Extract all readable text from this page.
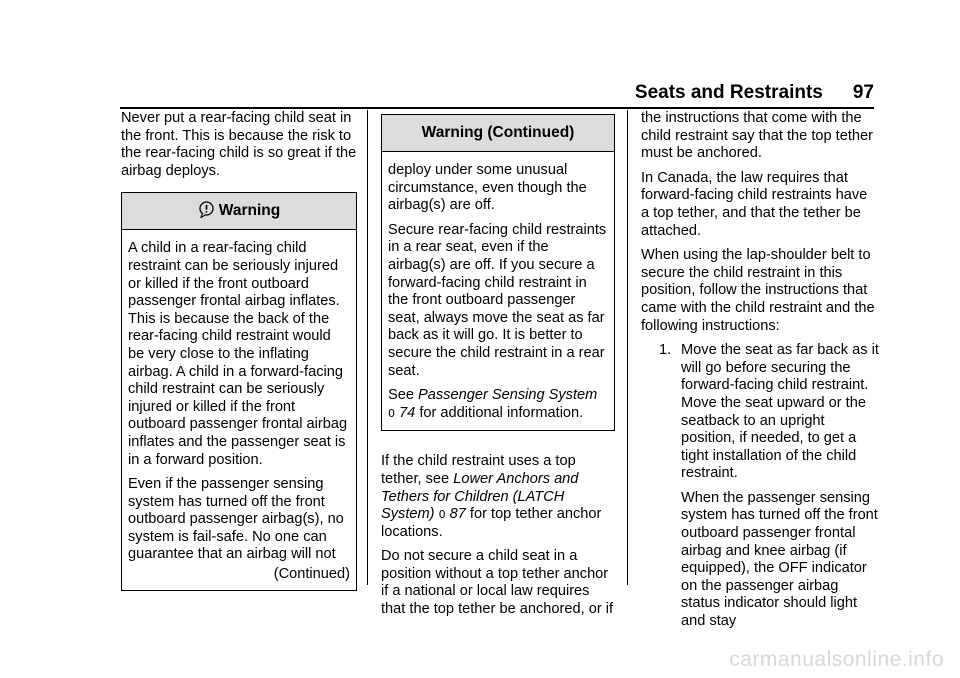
Seats and Restraints 97

Never put a rear-facing child seat in the front. This is because the risk to the rear-facing child is so great if the airbag deploys.

Warning

A child in a rear-facing child restraint can be seriously injured or killed if the front outboard passenger frontal airbag inflates. This is because the back of the rear-facing child restraint would be very close to the inflating airbag. A child in a forward-facing child restraint can be seriously injured or killed if the front outboard passenger frontal airbag inflates and the passenger seat is in a forward position.

Even if the passenger sensing system has turned off the front outboard passenger airbag(s), no system is fail-safe. No one can guarantee that an airbag will not

(Continued)
Warning (Continued)

deploy under some unusual circumstance, even though the airbag(s) are off.

Secure rear-facing child restraints in a rear seat, even if the airbag(s) are off. If you secure a forward-facing child restraint in the front outboard passenger seat, always move the seat as far back as it will go. It is better to secure the child restraint in a rear seat.

See Passenger Sensing System
0 74 for additional information.

If the child restraint uses a top tether, see Lower Anchors and Tethers for Children (LATCH System) 0 87 for top tether anchor locations.

Do not secure a child seat in a position without a top tether anchor if a national or local law requires that the top tether be anchored, or if

the instructions that come with the child restraint say that the top tether must be anchored.

In Canada, the law requires that forward-facing child restraints have a top tether, and that the tether be attached.

When using the lap-shoulder belt to secure the child restraint in this position, follow the instructions that came with the child restraint and the following instructions:

1. Move the seat as far back as it will go before securing the forward-facing child restraint. Move the seat upward or the seatback to an upright position, if needed, to get a tight installation of the child restraint.

When the passenger sensing system has turned off the front outboard passenger frontal airbag and knee airbag (if equipped), the OFF indicator on the passenger airbag status indicator should light and stay

carmanualsonline.info
